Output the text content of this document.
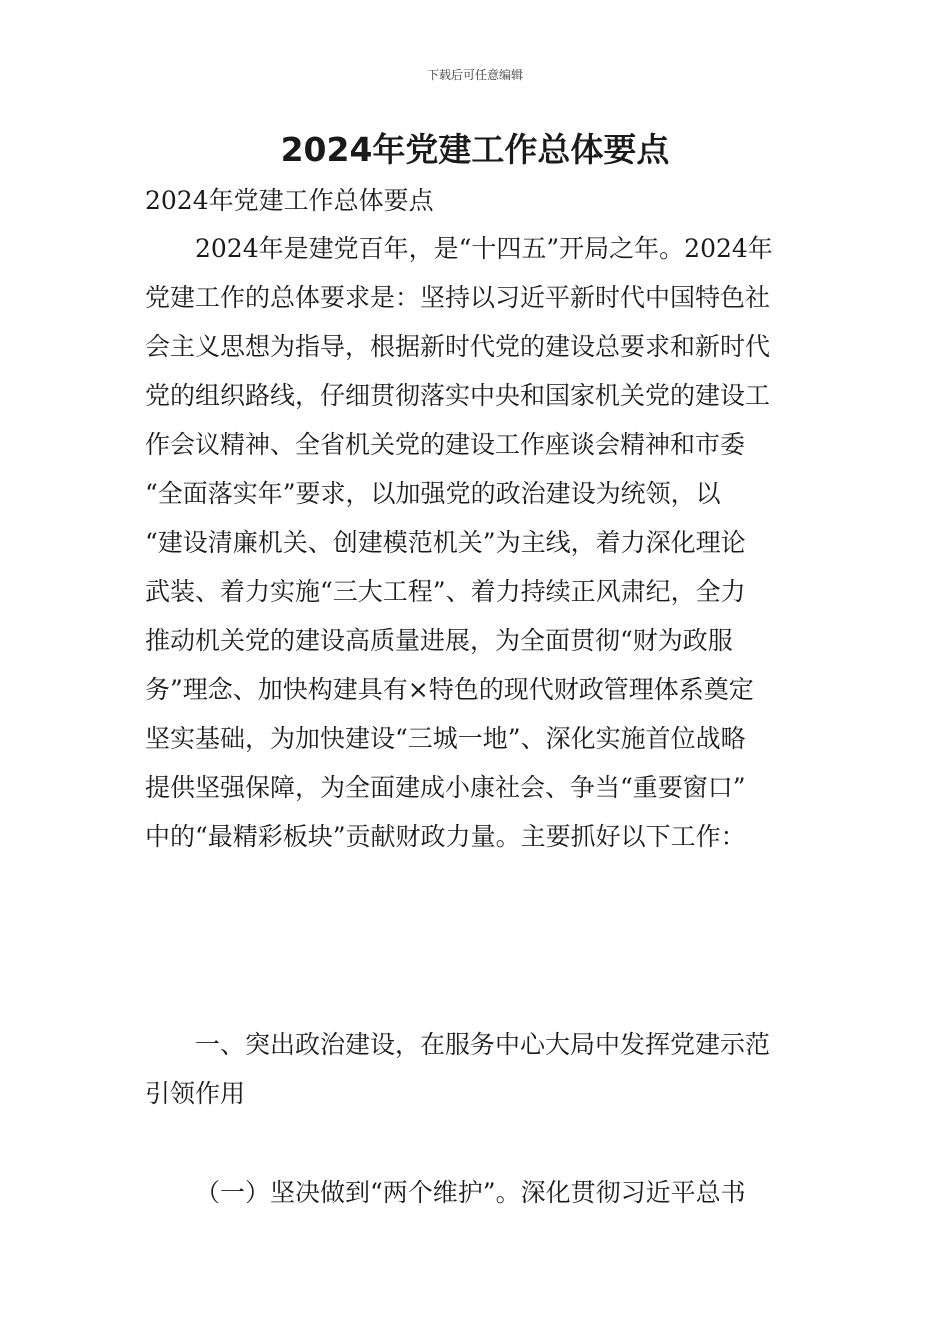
下载后可任意编辑
2024年党建工作总体要点
2024年党建工作总体要点
2024年是建党百年，是“十四五”开局之年。2024年
党建工作的总体要求是：坚持以习近平新时代中国特色社
会主义思想为指导，根据新时代党的建设总要求和新时代
党的组织路线，仔细贯彻落实中央和国家机关党的建设工
作会议精神、全省机关党的建设工作座谈会精神和市委
“全面落实年”要求，以加强党的政治建设为统领，以
“建设清廉机关、创建模范机关”为主线，着力深化理论
武装、着力实施“三大工程”、着力持续正风肃纪，全力
推动机关党的建设高质量进展，为全面贯彻“财为政服
务”理念、加快构建具有×特色的现代财政管理体系奠定
坚实基础，为加快建设“三城一地”、深化实施首位战略
提供坚强保障，为全面建成小康社会、争当“重要窗口”
中的“最精彩板块”贡献财政力量。主要抓好以下工作：
一、突出政治建设，在服务中心大局中发挥党建示范
引领作用
（一）坚决做到“两个维护”。深化贯彻习近平总书
